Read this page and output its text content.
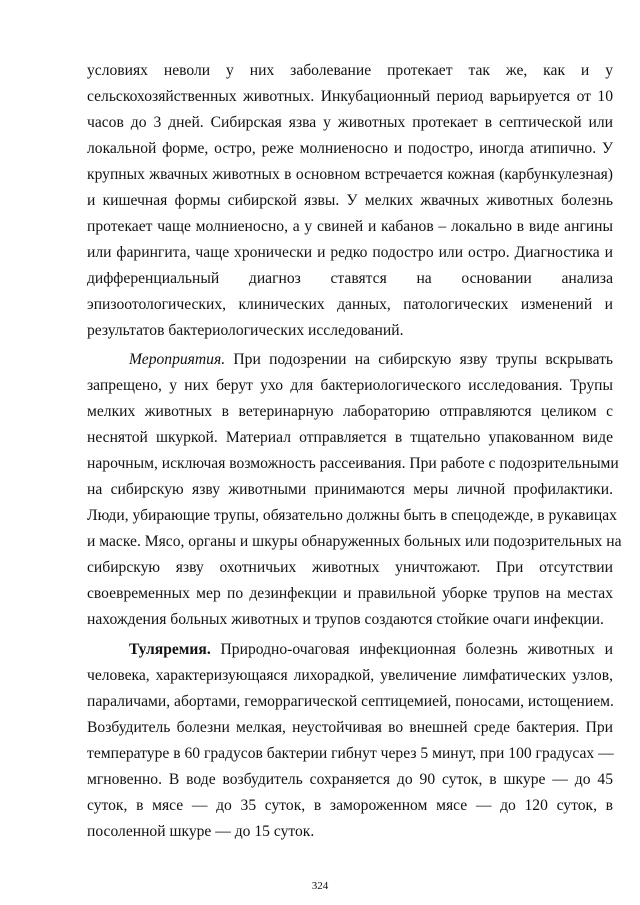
условиях неволи у них заболевание протекает так же, как и у
сельскохозяйственных животных. Инкубационный период варьируется от 10
часов до 3 дней. Сибирская язва у животных протекает в септической или
локальной форме, остро, реже молниеносно и подостро, иногда атипично. У
крупных жвачных животных в основном встречается кожная (карбункулезная)
и кишечная формы сибирской язвы. У мелких жвачных животных болезнь
протекает чаще молниеносно, а у свиней и кабанов – локально в виде ангины
или фарингита, чаще хронически и редко подостро или остро. Диагностика и
дифференциальный диагноз ставятся на основании анализа
эпизоотологических, клинических данных, патологических изменений и
результатов бактериологических исследований.
Мероприятия. При подозрении на сибирскую язву трупы вскрывать
запрещено, у них берут ухо для бактериологического исследования. Трупы
мелких животных в ветеринарную лабораторию отправляются целиком с
неснятой шкуркой. Материал отправляется в тщательно упакованном виде
нарочным, исключая возможность рассеивания. При работе с подозрительными
на сибирскую язву животными принимаются меры личной профилактики.
Люди, убирающие трупы, обязательно должны быть в спецодежде, в рукавицах
и маске. Мясо, органы и шкуры обнаруженных больных или подозрительных на
сибирскую язву охотничьих животных уничтожают. При отсутствии
своевременных мер по дезинфекции и правильной уборке трупов на местах
нахождения больных животных и трупов создаются стойкие очаги инфекции.
Туляремия. Природно-очаговая инфекционная болезнь животных и
человека, характеризующаяся лихорадкой, увеличение лимфатических узлов,
параличами, абортами, геморрагической септицемией, поносами, истощением.
Возбудитель болезни мелкая, неустойчивая во внешней среде бактерия. При
температуре в 60 градусов бактерии гибнут через 5 минут, при 100 градусах —
мгновенно. В воде возбудитель сохраняется до 90 суток, в шкуре — до 45
суток, в мясе — до 35 суток, в замороженном мясе — до 120 суток, в
посоленной шкуре — до 15 суток.
324
